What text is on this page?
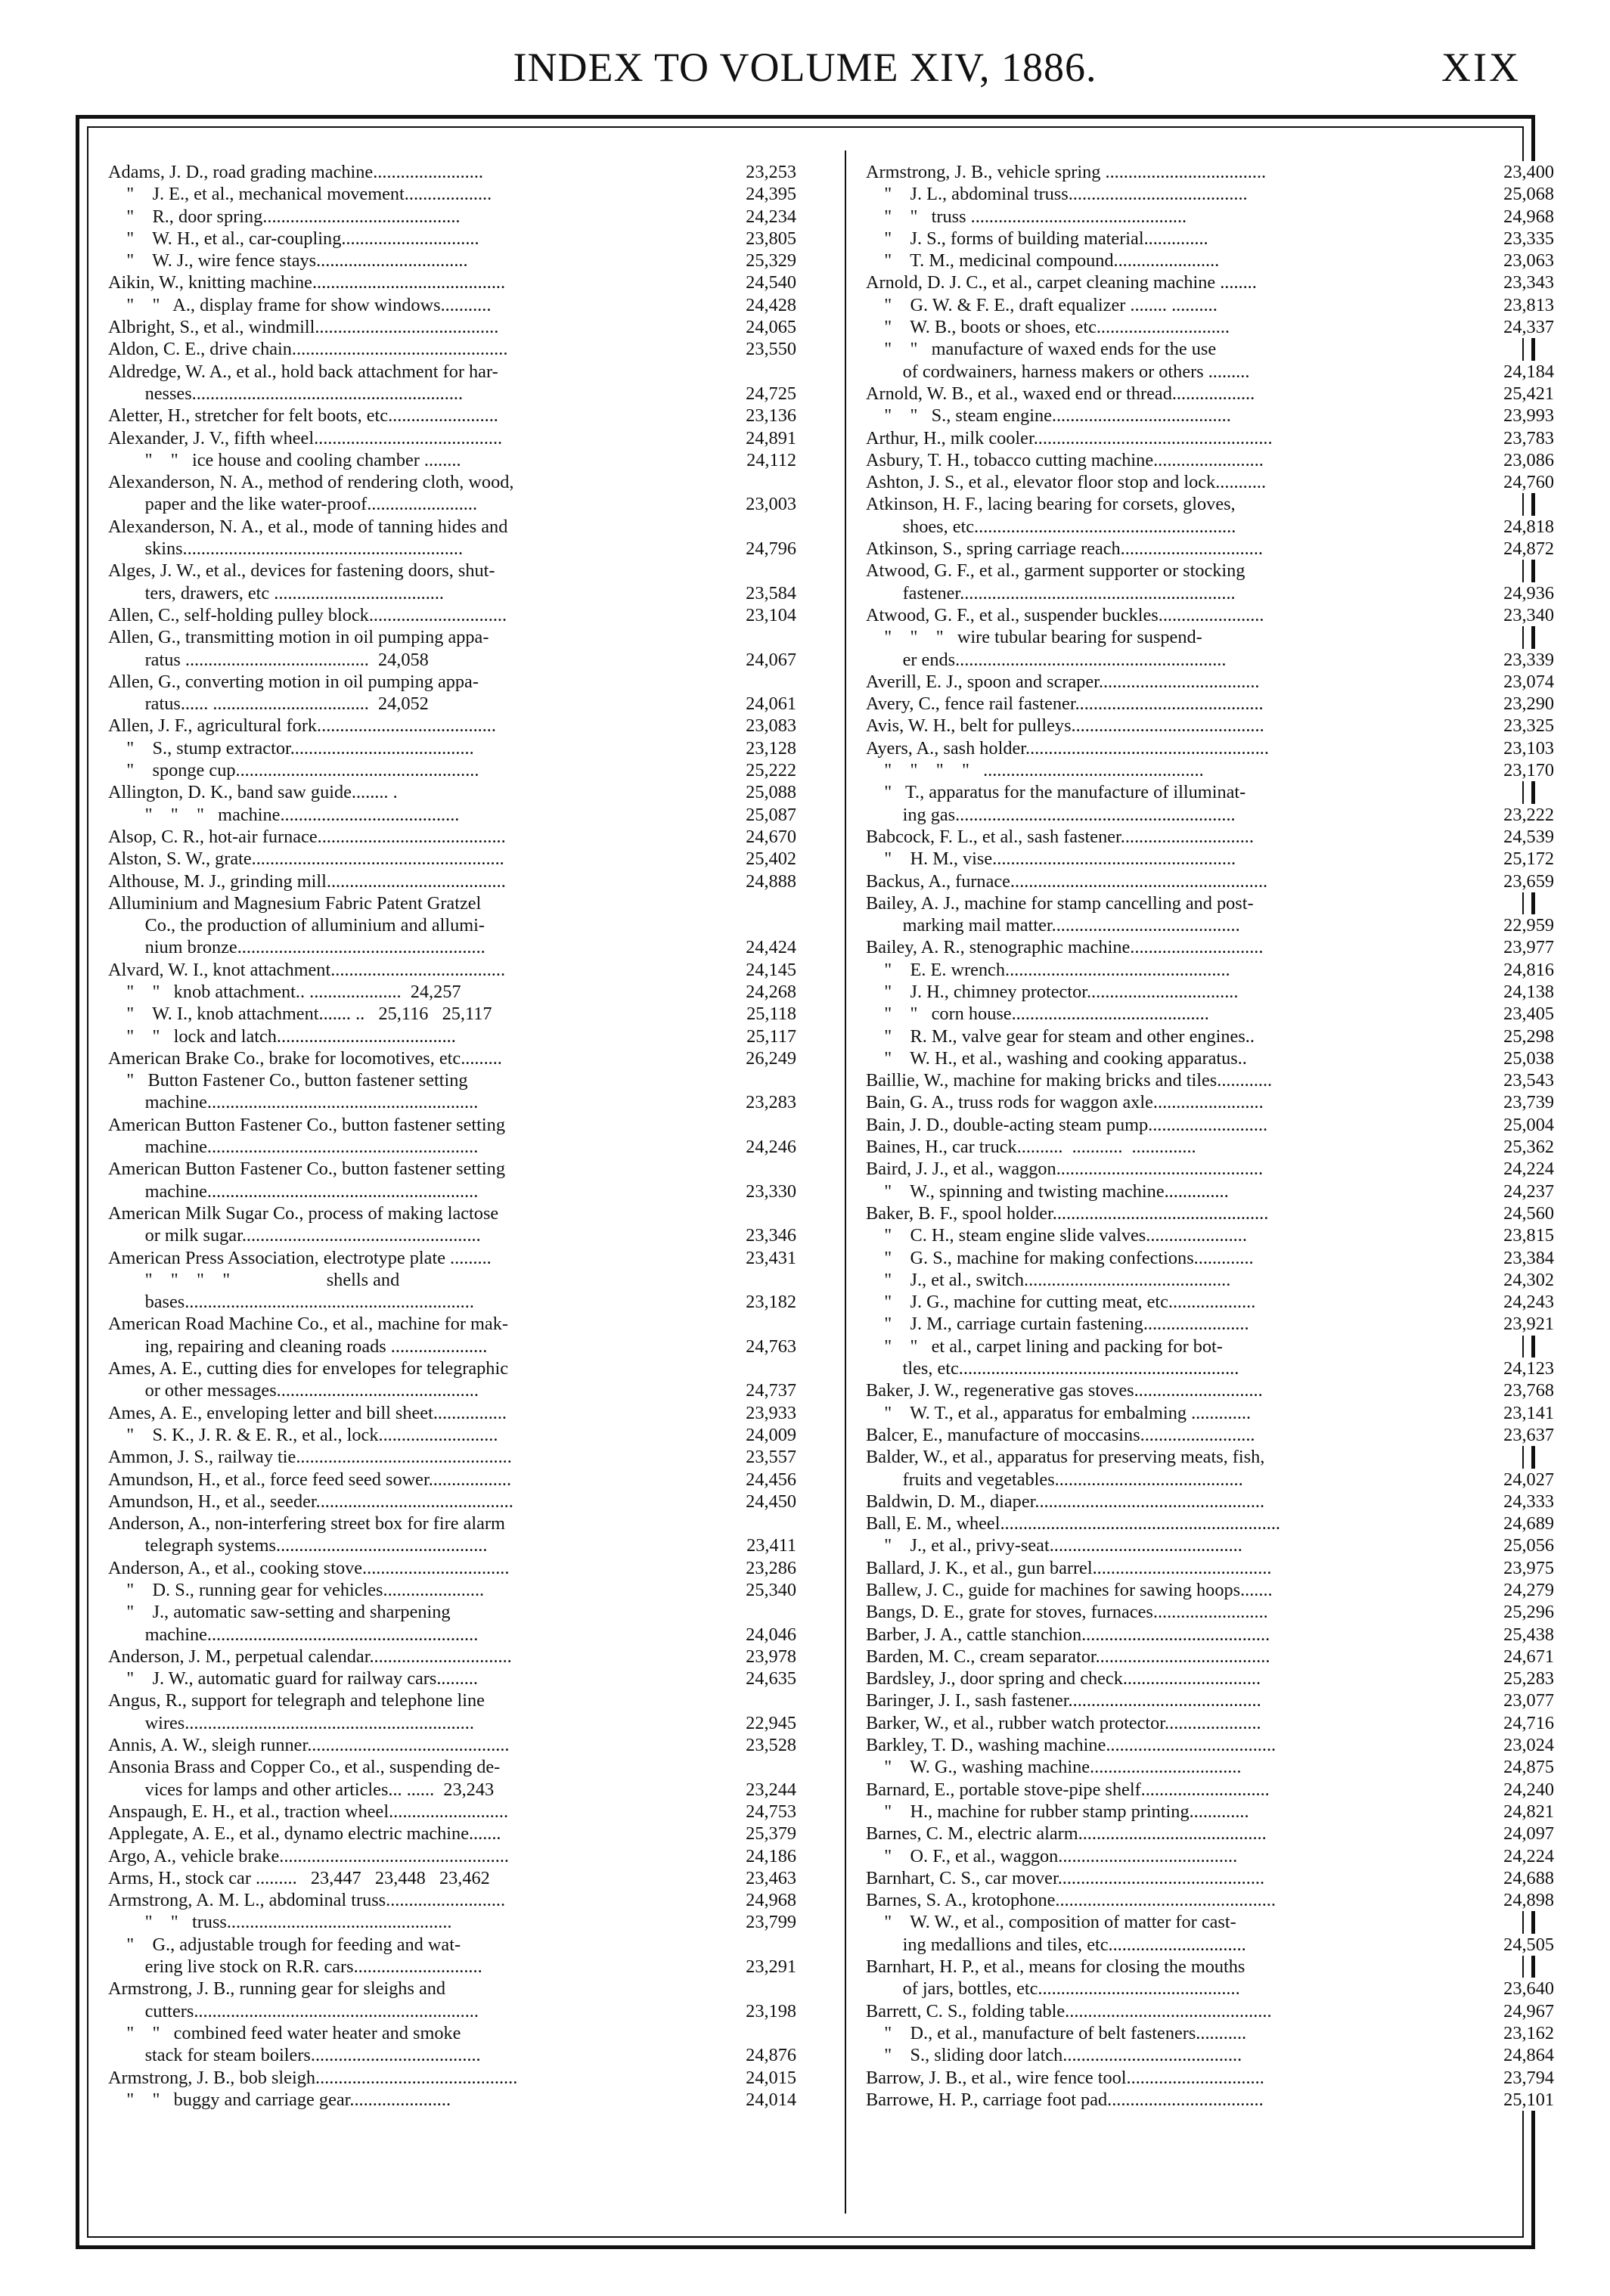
INDEX TO VOLUME XIV, 1886.	XIX
Adams, J. D., road grading machine........................	23,253
"    J. E., et al., mechanical movement...................	24,395
"    R., door spring...........................................	24,234
"    W. H., et al., car-coupling..............................	23,805
"    W. J., wire fence stays.................................	25,329
Aikin, W., knitting machine..........................................	24,540
"    "   A., display frame for show windows...........	24,428
Albright, S., et al., windmill........................................	24,065
Aldon, C. E., drive chain...............................................	23,550
Aldredge, W. A., et al., hold back attachment for har-
nesses...........................................................	24,725
Aletter, H., stretcher for felt boots, etc........................	23,136
Alexander, J. V., fifth wheel.........................................	24,891
"    "   ice house and cooling chamber ........	24,112
Alexanderson, N. A., method of rendering cloth, wood,
paper and the like water-proof........................	23,003
Alexanderson, N. A., et al., mode of tanning hides and
skins.............................................................	24,796
Alges, J. W., et al., devices for fastening doors, shut-
ters, drawers, etc .....................................	23,584
Allen, C., self-holding pulley block..............................	23,104
Allen, G., transmitting motion in oil pumping appa-
ratus ........................................  24,058	24,067
Allen, G., converting motion in oil pumping appa-
ratus...... ..................................  24,052	24,061
Allen, J. F., agricultural fork.......................................	23,083
"    S., stump extractor........................................	23,128
"    sponge cup.....................................................	25,222
Allington, D. K., band saw guide........ .	25,088
"    "    "   machine.......................................	25,087
Alsop, C. R., hot-air furnace.........................................	24,670
Alston, S. W., grate.......................................................	25,402
Althouse, M. J., grinding mill.......................................	24,888
Alluminium and Magnesium Fabric Patent Gratzel
Co., the production of alluminium and allumi-
nium bronze......................................................	24,424
Alvard, W. I., knot attachment......................................	24,145
"    "   knob attachment.. ....................  24,257	24,268
"    W. I., knob attachment....... ..   25,116   25,117	25,118
"    "   lock and latch.......................................	25,117
American Brake Co., brake for locomotives, etc.........	26,249
"   Button Fastener Co., button fastener setting
machine...........................................................	23,283
American Button Fastener Co., button fastener setting
machine...........................................................	24,246
American Button Fastener Co., button fastener setting
machine...........................................................	23,330
American Milk Sugar Co., process of making lactose
or milk sugar....................................................	23,346
American Press Association, electrotype plate .........	23,431
"    "    "    "                     shells and
bases...............................................................	23,182
American Road Machine Co., et al., machine for mak-
ing, repairing and cleaning roads .....................	24,763
Ames, A. E., cutting dies for envelopes for telegraphic
or other messages............................................	24,737
Ames, A. E., enveloping letter and bill sheet................	23,933
"    S. K., J. R. & E. R., et al., lock..........................	24,009
Ammon, J. S., railway tie...............................................	23,557
Amundson, H., et al., force feed seed sower..................	24,456
Amundson, H., et al., seeder...........................................	24,450
Anderson, A., non-interfering street box for fire alarm
telegraph systems..............................................	23,411
Anderson, A., et al., cooking stove................................	23,286
"    D. S., running gear for vehicles......................	25,340
"    J., automatic saw-setting and sharpening
machine...........................................................	24,046
Anderson, J. M., perpetual calendar...............................	23,978
"    J. W., automatic guard for railway cars.........	24,635
Angus, R., support for telegraph and telephone line
wires...............................................................	22,945
Annis, A. W., sleigh runner............................................	23,528
Ansonia Brass and Copper Co., et al., suspending de-
vices for lamps and other articles... ......  23,243	23,244
Anspaugh, E. H., et al., traction wheel..........................	24,753
Applegate, A. E., et al., dynamo electric machine.......	25,379
Argo, A., vehicle brake..................................................	24,186
Arms, H., stock car .........   23,447   23,448   23,462	23,463
Armstrong, A. M. L., abdominal truss..........................	24,968
"    "   truss.................................................	23,799
"    G., adjustable trough for feeding and wat-
ering live stock on R.R. cars............................	23,291
Armstrong, J. B., running gear for sleighs and
cutters..............................................................	23,198
"    "   combined feed water heater and smoke
stack for steam boilers.....................................	24,876
Armstrong, J. B., bob sleigh............................................	24,015
"    "   buggy and carriage gear......................	24,014
Armstrong, J. B., vehicle spring ...................................	23,400
"    J. L., abdominal truss.......................................	25,068
"    "   truss ...............................................	24,968
"    J. S., forms of building material..............	23,335
"    T. M., medicinal compound.......................	23,063
Arnold, D. J. C., et al., carpet cleaning machine ........	23,343
"    G. W. & F. E., draft equalizer ........ ..........	23,813
"    W. B., boots or shoes, etc.............................	24,337
"    "   manufacture of waxed ends for the use
of cordwainers, harness makers or others .........	24,184
Arnold, W. B., et al., waxed end or thread..................	25,421
"    "   S., steam engine.......................................	23,993
Arthur, H., milk cooler....................................................	23,783
Asbury, T. H., tobacco cutting machine........................	23,086
Ashton, J. S., et al., elevator floor stop and lock...........	24,760
Atkinson, H. F., lacing bearing for corsets, gloves,
shoes, etc.........................................................	24,818
Atkinson, S., spring carriage reach...............................	24,872
Atwood, G. F., et al., garment supporter or stocking
fastener............................................................	24,936
Atwood, G. F., et al., suspender buckles.......................	23,340
"    "    "   wire tubular bearing for suspend-
er ends...........................................................	23,339
Averill, E. J., spoon and scraper...................................	23,074
Avery, C., fence rail fastener.........................................	23,290
Avis, W. H., belt for pulleys..........................................	23,325
Ayers, A., sash holder.....................................................	23,103
"    "    "    "   ................................................	23,170
"   T., apparatus for the manufacture of illuminat-
ing gas.............................................................	23,222
Babcock, F. L., et al., sash fastener.............................	24,539
"    H. M., vise.....................................................	25,172
Backus, A., furnace........................................................	23,659
Bailey, A. J., machine for stamp cancelling and post-
marking mail matter.........................................	22,959
Bailey, A. R., stenographic machine.............................	23,977
"    E. E. wrench.................................................	24,816
"    J. H., chimney protector.................................	24,138
"    "   corn house...........................................	23,405
"    R. M., valve gear for steam and other engines..	25,298
"    W. H., et al., washing and cooking apparatus..	25,038
Baillie, W., machine for making bricks and tiles............	23,543
Bain, G. A., truss rods for waggon axle........................	23,739
Bain, J. D., double-acting steam pump..........................	25,004
Baines, H., car truck..........  ...........  ..............	25,362
Baird, J. J., et al., waggon.............................................	24,224
"    W., spinning and twisting machine..............	24,237
Baker, B. F., spool holder...............................................	24,560
"    C. H., steam engine slide valves......................	23,815
"    G. S., machine for making confections.............	23,384
"    J., et al., switch.............................................	24,302
"    J. G., machine for cutting meat, etc...................	24,243
"    J. M., carriage curtain fastening.......................	23,921
"    "   et al., carpet lining and packing for bot-
tles, etc.............................................................	24,123
Baker, J. W., regenerative gas stoves............................	23,768
"    W. T., et al., apparatus for embalming .............	23,141
Balcer, E., manufacture of moccasins.........................	23,637
Balder, W., et al., apparatus for preserving meats, fish,
fruits and vegetables.........................................	24,027
Baldwin, D. M., diaper..................................................	24,333
Ball, E. M., wheel.............................................................	24,689
"    J., et al., privy-seat..........................................	25,056
Ballard, J. K., et al., gun barrel.......................................	23,975
Ballew, J. C., guide for machines for sawing hoops.......	24,279
Bangs, D. E., grate for stoves, furnaces.........................	25,296
Barber, J. A., cattle stanchion.........................................	25,438
Barden, M. C., cream separator......................................	24,671
Bardsley, J., door spring and check..............................	25,283
Baringer, J. I., sash fastener..........................................	23,077
Barker, W., et al., rubber watch protector.....................	24,716
Barkley, T. D., washing machine.....................................	23,024
"    W. G., washing machine.................................	24,875
Barnard, E., portable stove-pipe shelf............................	24,240
"    H., machine for rubber stamp printing.............	24,821
Barnes, C. M., electric alarm.........................................	24,097
"    O. F., et al., waggon.......................................	24,224
Barnhart, C. S., car mover.............................................	24,688
Barnes, S. A., krotophone................................................	24,898
"    W. W., et al., composition of matter for cast-
ing medallions and tiles, etc..............................	24,505
Barnhart, H. P., et al., means for closing the mouths
of jars, bottles, etc............................................	23,640
Barrett, C. S., folding table.............................................	24,967
"    D., et al., manufacture of belt fasteners...........	23,162
"    S., sliding door latch.......................................	24,864
Barrow, J. B., et al., wire fence tool..............................	23,794
Barrowe, H. P., carriage foot pad..................................	25,101
